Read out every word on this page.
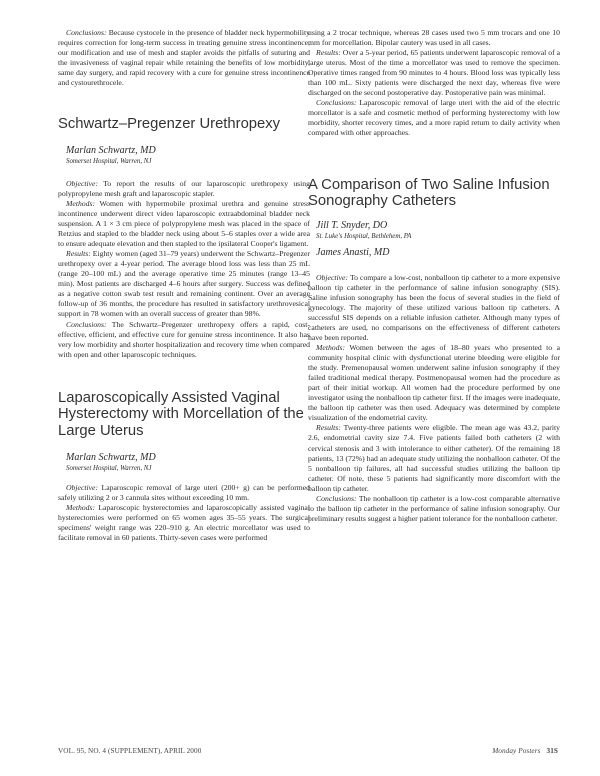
Conclusions: Because cystocele in the presence of bladder neck hypermobility requires correction for long-term success in treating genuine stress incontinence, our modification and use of mesh and stapler avoids the pitfalls of suturing and the invasiveness of vaginal repair while retaining the benefits of low morbidity, same day surgery, and rapid recovery with a cure for genuine stress incontinence and cystourethrocele.

Schwartz–Pregenzer Urethropexy

Marlan Schwartz, MD

Somerset Hospital, Warren, NJ

Objective: To report the results of our laparoscopic urethropexy using polypropylene mesh graft and laparoscopic stapler.

Methods: Women with hypermobile proximal urethra and genuine stress incontinence underwent direct video laparoscopic extraabdominal bladder neck suspension. A 1 × 3 cm piece of polypropylene mesh was placed in the space of Retzius and stapled to the bladder neck using about 5–6 staples over a wide area to ensure adequate elevation and then stapled to the ipsilateral Cooper's ligament.

Results: Eighty women (aged 31–79 years) underwent the Schwartz–Pregenzer urethropexy over a 4-year period. The average blood loss was less than 25 mL (range 20–100 mL) and the average operative time 25 minutes (range 13–45 min). Most patients are discharged 4–6 hours after surgery. Success was defined as a negative cotton swab test result and remaining continent. Over an average follow-up of 36 months, the procedure has resulted in satisfactory urethrovesical support in 78 women with an overall success of greater than 98%.

Conclusions: The Schwartz–Pregenzer urethropexy offers a rapid, cost-effective, efficient, and effective cure for genuine stress incontinence. It also has very low morbidity and shorter hospitalization and recovery time when compared with open and other laparoscopic techniques.

Laparoscopically Assisted Vaginal Hysterectomy with Morcellation of the Large Uterus

Marlan Schwartz, MD

Somerset Hospital, Warren, NJ

Objective: Laparoscopic removal of large uteri (200+ g) can be performed safely utilizing 2 or 3 cannula sites without exceeding 10 mm.

Methods: Laparoscopic hysterectomies and laparoscopically assisted vaginal hysterectomies were performed on 65 women ages 35–55 years. The surgical specimens' weight range was 220–910 g. An electric morcellator was used to facilitate removal in 60 patients. Thirty-seven cases were performed

using a 2 trocar technique, whereas 28 cases used two 5 mm trocars and one 10 mm for morcellation. Bipolar cautery was used in all cases.

Results: Over a 5-year period, 65 patients underwent laparoscopic removal of a large uterus. Most of the time a morcellator was used to remove the specimen. Operative times ranged from 90 minutes to 4 hours. Blood loss was typically less than 100 mL. Sixty patients were discharged the next day, whereas five were discharged on the second postoperative day. Postoperative pain was minimal.

Conclusions: Laparoscopic removal of large uteri with the aid of the electric morcellator is a safe and cosmetic method of performing hysterectomy with low morbidity, shorter recovery times, and a more rapid return to daily activity when compared with other approaches.

A Comparison of Two Saline Infusion Sonography Catheters

Jill T. Snyder, DO

St. Luke's Hospital, Bethlehem, PA

James Anasti, MD

Objective: To compare a low-cost, nonballoon tip catheter to a more expensive balloon tip catheter in the performance of saline infusion sonography (SIS). Saline infusion sonography has been the focus of several studies in the field of gynecology. The majority of these utilized various balloon tip catheters. A successful SIS depends on a reliable infusion catheter. Although many types of catheters are used, no comparisons on the effectiveness of different catheters have been reported.

Methods: Women between the ages of 18–80 years who presented to a community hospital clinic with dysfunctional uterine bleeding were eligible for the study. Premenopausal women underwent saline infusion sonography if they failed traditional medical therapy. Postmenopausal women had the procedure as part of their initial workup. All women had the procedure performed by one investigator using the nonballoon tip catheter first. If the images were inadequate, the balloon tip catheter was then used. Adequacy was determined by complete visualization of the endometrial cavity.

Results: Twenty-three patients were eligible. The mean age was 43.2, parity 2.6, endometrial cavity size 7.4. Five patients failed both catheters (2 with cervical stenosis and 3 with intolerance to either catheter). Of the remaining 18 patients, 13 (72%) had an adequate study utilizing the nonballoon catheter. Of the 5 nonballoon tip failures, all had successful studies utilizing the balloon tip catheter. Of note, these 5 patients had significantly more discomfort with the balloon tip catheter.

Conclusions: The nonballoon tip catheter is a low-cost comparable alternative to the balloon tip catheter in the performance of saline infusion sonography. Our preliminary results suggest a higher patient tolerance for the nonballoon catheter.

VOL. 95, NO. 4 (SUPPLEMENT), APRIL 2000	Monday Posters 31S
